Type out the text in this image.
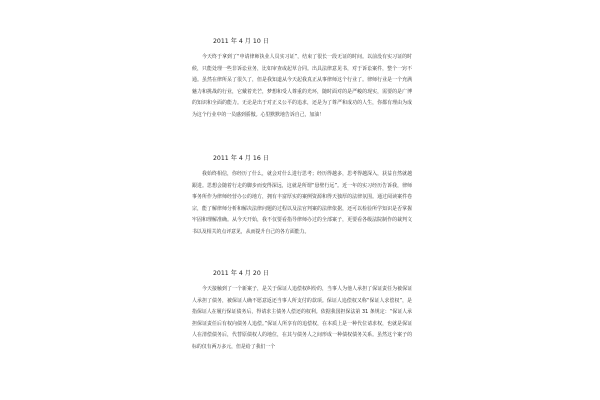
2011 年 4 月 10 日

今天终于拿到了“申请律师执业人员实习证”，结束了很长一段无证的时间。以前没有实习证的时候，只能处理一些非诉讼业务，比如审查或起草合同。出具法律意见书，对于诉讼案件，整个一窍不通。虽然在律所呆了很久了，但是我知道从今天起我真正从事律师这个行业了。律师行业是一个充满魅力和挑战的行业，它戴着光芒，梦想和受人尊重的光环，随时面对的是严峻的现实，需要的是广博的知识和全面的能力。无论是出于对正义公平的追求，还是为了尊严和成功的人生，你都有理由为成为这个行业中的一员感到骄傲。心里默默地告诉自己，加油！

2011 年 4 月 16 日

我始终相信，你经历了什么，就会对什么进行思考；经历得越多，思考得越深入，获益自然就越跟进。思想会随着行走的脚步而变得深远，这就是所谓“悬壁行远”。近一年的实习经历告诉我，律师事务所作为律师经营办公的地方，拥有丰富厚实的案例资源和得天独厚的法律氛围。通过阅读案件卷宗，能了解律师分析和解决法律问题的过程以及法官判案的法律依据，还可以检验所学知识是否掌握牢固和理解准确。从今天开始，我不仅要看指导律师办过的全部案子，更要看各级法院制作的裁判文书以及相关的点评意见，从而提升自己的各方面能力。

2011 年 4 月 20 日

今天接触到了一个新案子，是关于保证人追偿权纠纷的，当事人为他人承担了保证责任为被保证人承担了债务，被保证人确不愿意返还当事人所支付的款项。保证人追偿权又称“保证人求偿权”，是指保证人在履行保证债务后，得请求主债务人偿还的权利。依据我国担保法第 31 条规定：“保证人承担保证责任后有权向债务人追偿。”保证人所享有的追偿权，在本质上是一种代位请求权，也就是保证人在清偿债务后，代替原债权人的地位，在其与债务人之间形成一种债权债务关系。虽然这个案子的标的仅有两万多元，但是给了我们一个
